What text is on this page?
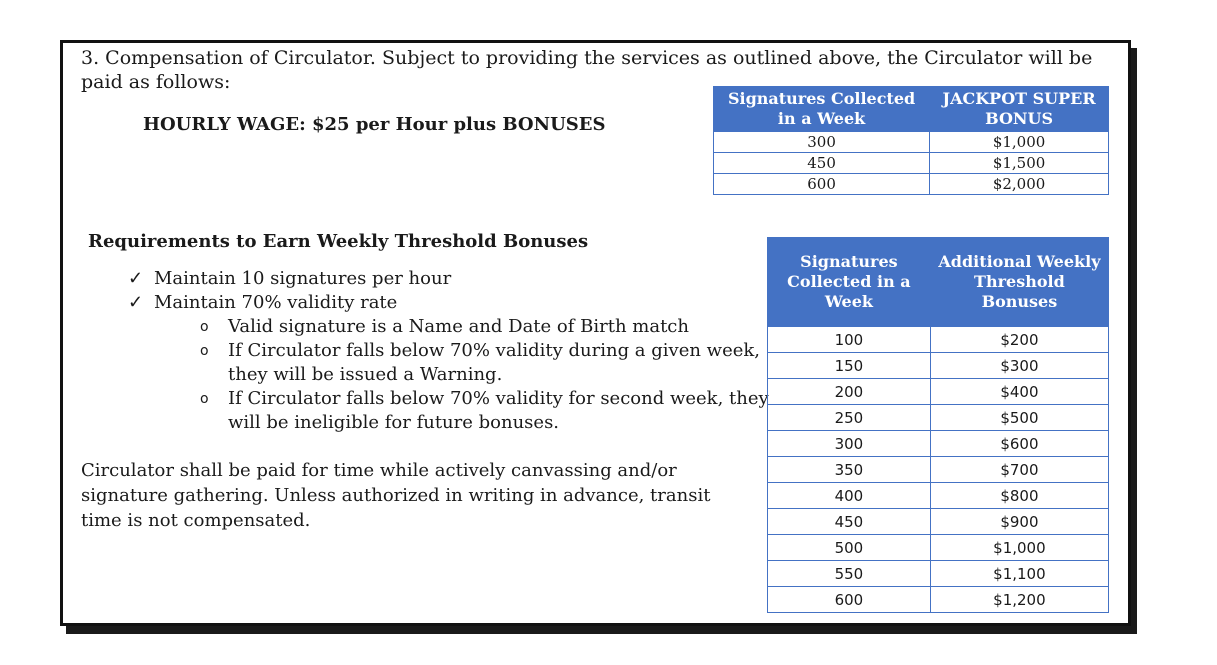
3. Compensation of Circulator. Subject to providing the services as outlined above, the Circulator will be paid as follows:

HOURLY WAGE: $25 per Hour plus BONUSES

Signatures Collected in a Week	JACKPOT SUPER BONUS
300	$1,000
450	$1,500
600	$2,000

Requirements to Earn Weekly Threshold Bonuses

✓ Maintain 10 signatures per hour
✓ Maintain 70% validity rate
o Valid signature is a Name and Date of Birth match
o If Circulator falls below 70% validity during a given week, they will be issued a Warning.
o If Circulator falls below 70% validity for second week, they will be ineligible for future bonuses.

Circulator shall be paid for time while actively canvassing and/or signature gathering. Unless authorized in writing in advance, transit time is not compensated.

Signatures Collected in a Week	Additional Weekly Threshold Bonuses
100	$200
150	$300
200	$400
250	$500
300	$600
350	$700
400	$800
450	$900
500	$1,000
550	$1,100
600	$1,200
